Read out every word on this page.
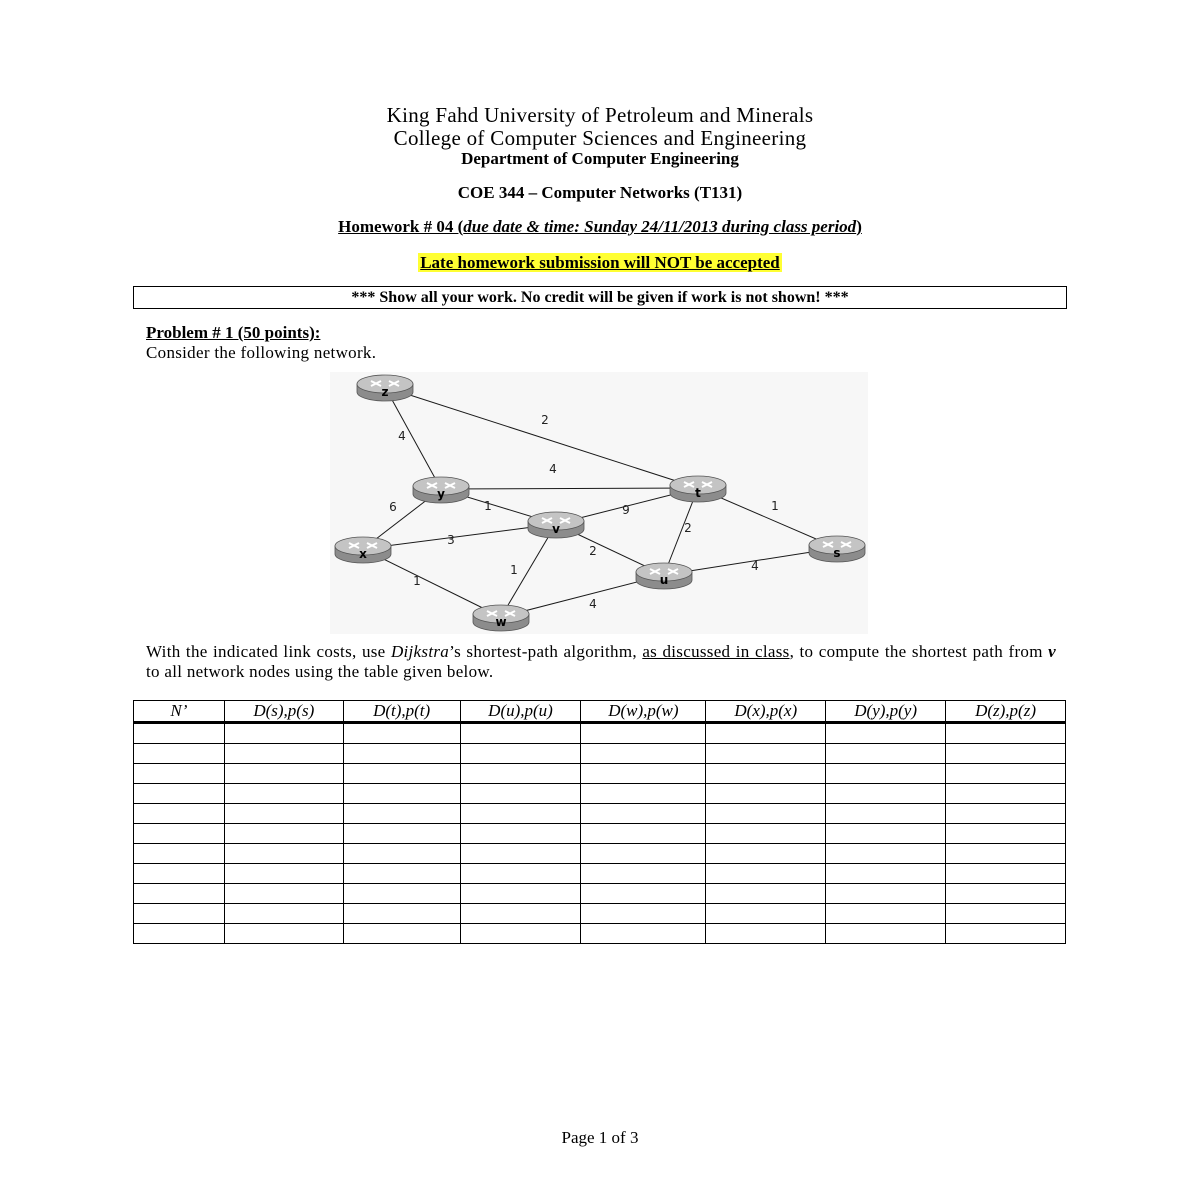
King Fahd University of Petroleum and Minerals
College of Computer Sciences and Engineering
Department of Computer Engineering
COE 344 – Computer Networks (T131)
Homework # 04 (due date & time: Sunday 24/11/2013 during class period)
Late homework submission will NOT be accepted
*** Show all your work. No credit will be given if work is not shown! ***
Problem # 1 (50 points):
Consider the following network.
4
2
4
6	1	9
2
1
3
1
1
2
4
4
z
y	t
v
x	s
u
w
With the indicated link costs, use Dijkstra’s shortest-path algorithm, as discussed in class, to compute the shortest path from v to all network nodes using the table given below.
N’	D(s),p(s)	D(t),p(t)	D(u),p(u)	D(w),p(w)	D(x),p(x)	D(y),p(y)	D(z),p(z)

Page 1 of 3
